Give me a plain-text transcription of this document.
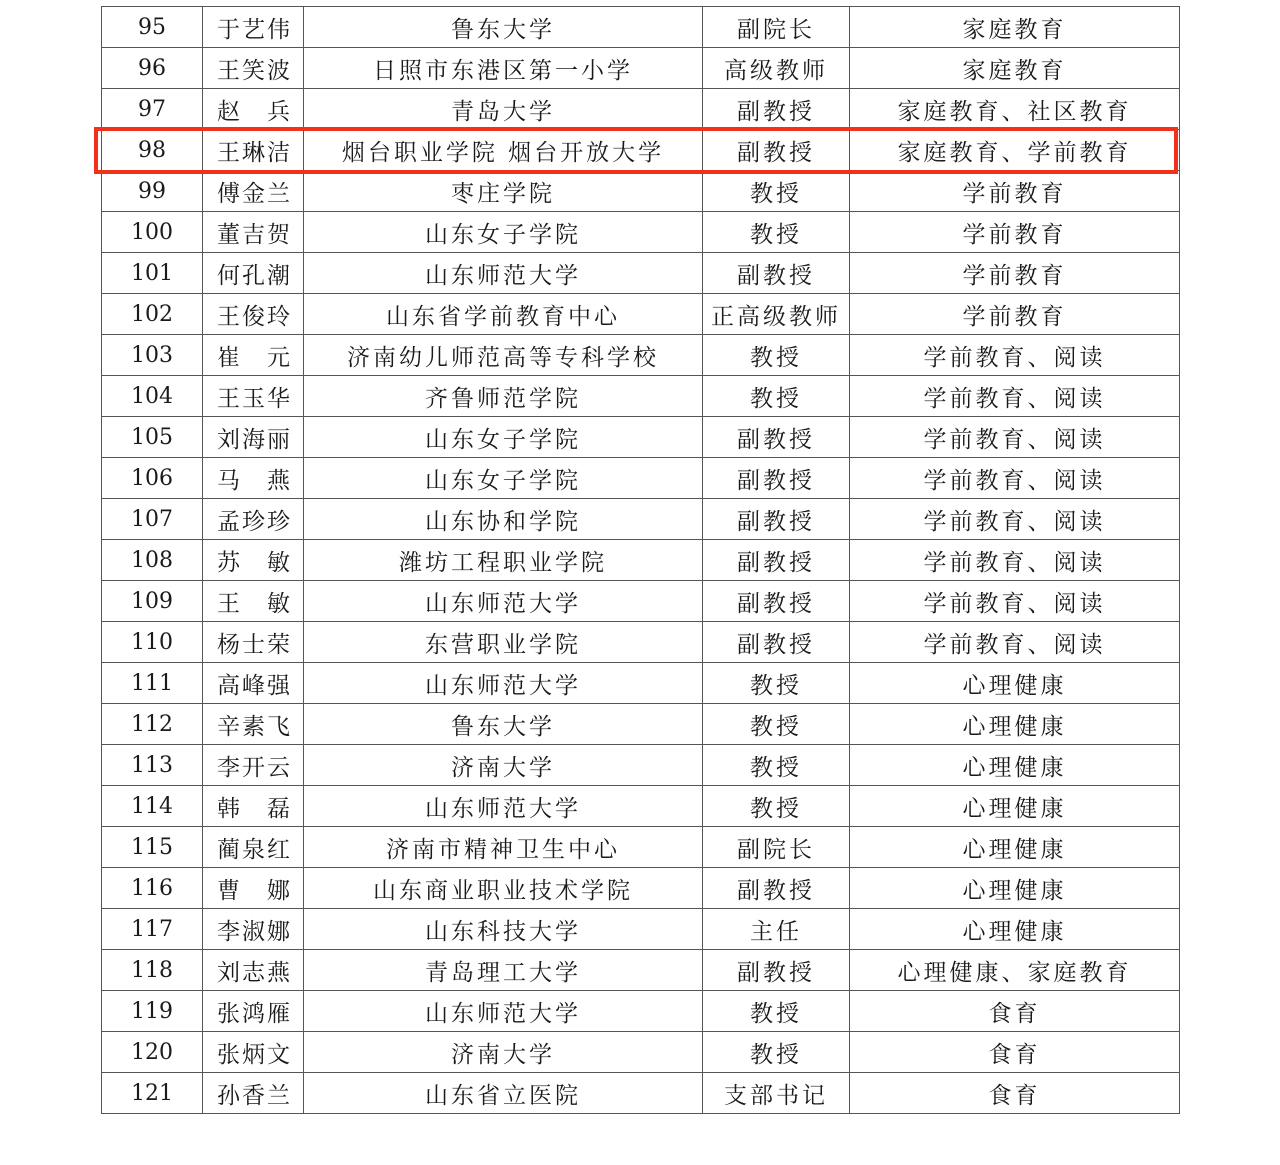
95	于艺伟	鲁东大学	副院长	家庭教育
96	王笑波	日照市东港区第一小学	高级教师	家庭教育
97	赵　兵	青岛大学	副教授	家庭教育、社区教育
98	王琳洁	烟台职业学院 烟台开放大学	副教授	家庭教育、学前教育
99	傅金兰	枣庄学院	教授	学前教育
100	董吉贺	山东女子学院	教授	学前教育
101	何孔潮	山东师范大学	副教授	学前教育
102	王俊玲	山东省学前教育中心	正高级教师	学前教育
103	崔　元	济南幼儿师范高等专科学校	教授	学前教育、阅读
104	王玉华	齐鲁师范学院	教授	学前教育、阅读
105	刘海丽	山东女子学院	副教授	学前教育、阅读
106	马　燕	山东女子学院	副教授	学前教育、阅读
107	孟珍珍	山东协和学院	副教授	学前教育、阅读
108	苏　敏	潍坊工程职业学院	副教授	学前教育、阅读
109	王　敏	山东师范大学	副教授	学前教育、阅读
110	杨士荣	东营职业学院	副教授	学前教育、阅读
111	高峰强	山东师范大学	教授	心理健康
112	辛素飞	鲁东大学	教授	心理健康
113	李开云	济南大学	教授	心理健康
114	韩　磊	山东师范大学	教授	心理健康
115	蔺泉红	济南市精神卫生中心	副院长	心理健康
116	曹　娜	山东商业职业技术学院	副教授	心理健康
117	李淑娜	山东科技大学	主任	心理健康
118	刘志燕	青岛理工大学	副教授	心理健康、家庭教育
119	张鸿雁	山东师范大学	教授	食育
120	张炳文	济南大学	教授	食育
121	孙香兰	山东省立医院	支部书记	食育
